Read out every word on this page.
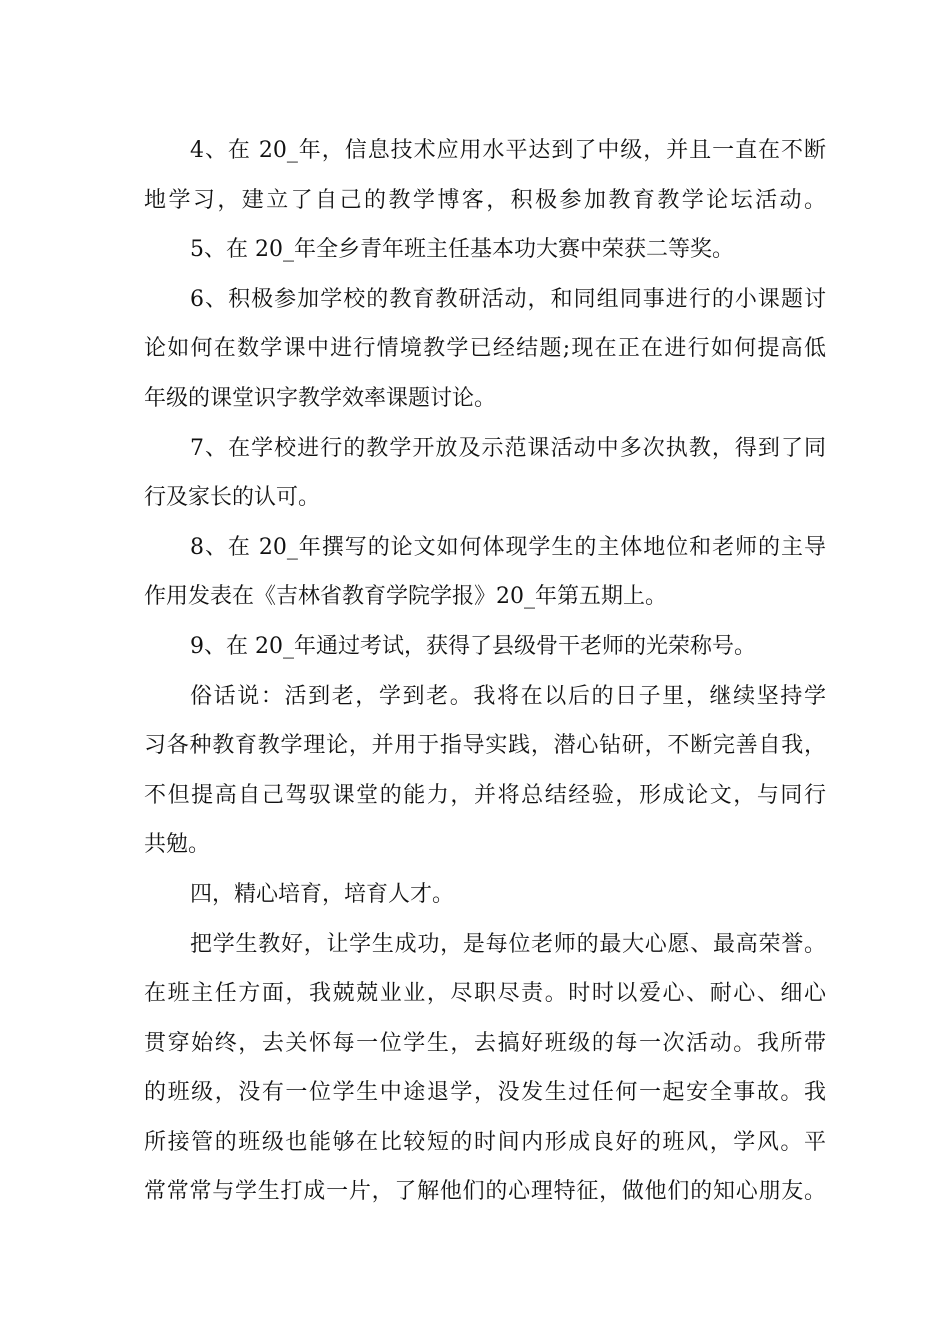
4、在 20_年，信息技术应用水平达到了中级，并且一直在不断
地学习，建立了自己的教学博客，积极参加教育教学论坛活动。
5、在 20_年全乡青年班主任基本功大赛中荣获二等奖。
6、积极参加学校的教育教研活动，和同组同事进行的小课题讨
论如何在数学课中进行情境教学已经结题;现在正在进行如何提高低
年级的课堂识字教学效率课题讨论。
7、在学校进行的教学开放及示范课活动中多次执教，得到了同
行及家长的认可。
8、在 20_年撰写的论文如何体现学生的主体地位和老师的主导
作用发表在《吉林省教育学院学报》20_年第五期上。
9、在 20_年通过考试，获得了县级骨干老师的光荣称号。
俗话说：活到老，学到老。我将在以后的日子里，继续坚持学
习各种教育教学理论，并用于指导实践，潜心钻研，不断完善自我，
不但提高自己驾驭课堂的能力，并将总结经验，形成论文，与同行
共勉。
四，精心培育，培育人才。
把学生教好，让学生成功，是每位老师的最大心愿、最高荣誉。
在班主任方面，我兢兢业业，尽职尽责。时时以爱心、耐心、细心
贯穿始终，去关怀每一位学生，去搞好班级的每一次活动。我所带
的班级，没有一位学生中途退学，没发生过任何一起安全事故。我
所接管的班级也能够在比较短的时间内形成良好的班风，学风。平
常常常与学生打成一片，了解他们的心理特征，做他们的知心朋友。
